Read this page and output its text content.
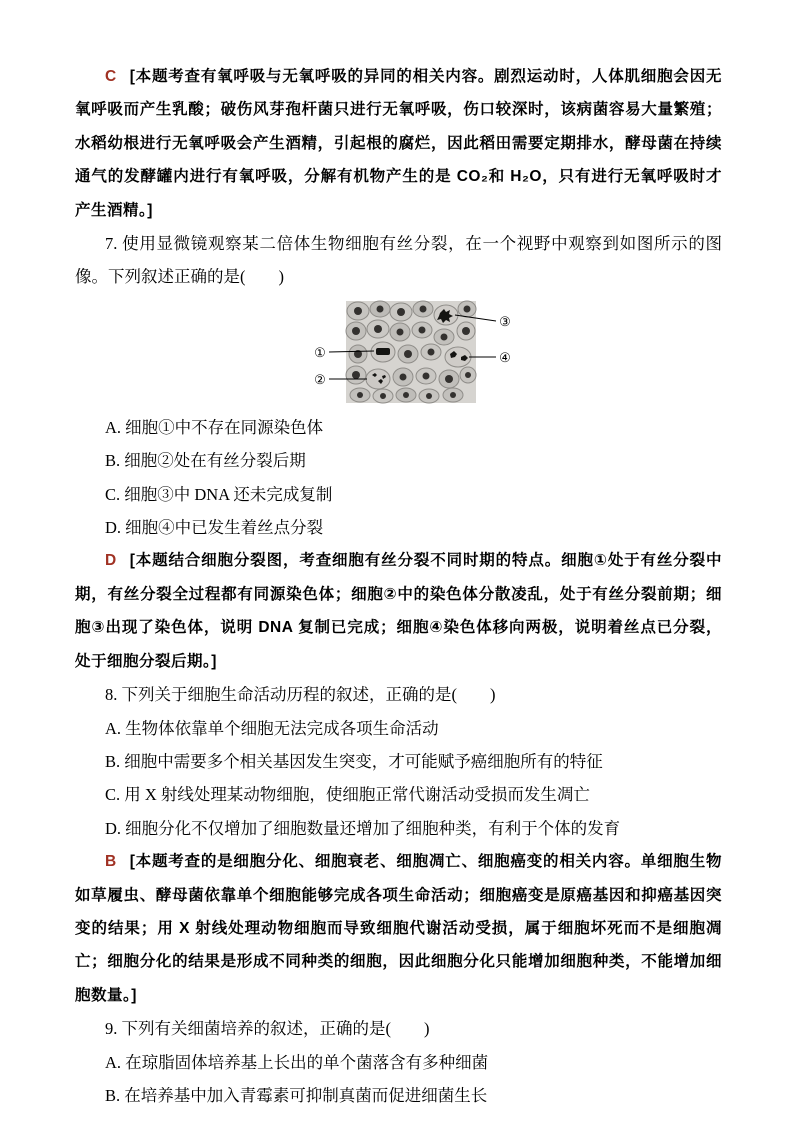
C [本题考查有氧呼吸与无氧呼吸的异同的相关内容。剧烈运动时，人体肌细胞会因无氧呼吸而产生乳酸；破伤风芽孢杆菌只进行无氧呼吸，伤口较深时，该病菌容易大量繁殖；水稻幼根进行无氧呼吸会产生酒精，引起根的腐烂，因此稻田需要定期排水，酵母菌在持续通气的发酵罐内进行有氧呼吸，分解有机物产生的是 CO₂和 H₂O，只有进行无氧呼吸时才产生酒精。]

7. 使用显微镜观察某二倍体生物细胞有丝分裂，在一个视野中观察到如图所示的图像。下列叙述正确的是(　　)

①
②
③
④

A. 细胞①中不存在同源染色体

B. 细胞②处在有丝分裂后期

C. 细胞③中 DNA 还未完成复制

D. 细胞④中已发生着丝点分裂

D [本题结合细胞分裂图，考查细胞有丝分裂不同时期的特点。细胞①处于有丝分裂中期，有丝分裂全过程都有同源染色体；细胞②中的染色体分散凌乱，处于有丝分裂前期；细胞③出现了染色体，说明 DNA 复制已完成；细胞④染色体移向两极，说明着丝点已分裂，处于细胞分裂后期。]

8. 下列关于细胞生命活动历程的叙述，正确的是(　　)

A. 生物体依靠单个细胞无法完成各项生命活动

B. 细胞中需要多个相关基因发生突变，才可能赋予癌细胞所有的特征

C. 用 X 射线处理某动物细胞，使细胞正常代谢活动受损而发生凋亡

D. 细胞分化不仅增加了细胞数量还增加了细胞种类，有利于个体的发育

B [本题考查的是细胞分化、细胞衰老、细胞凋亡、细胞癌变的相关内容。单细胞生物如草履虫、酵母菌依靠单个细胞能够完成各项生命活动；细胞癌变是原癌基因和抑癌基因突变的结果；用 X 射线处理动物细胞而导致细胞代谢活动受损，属于细胞坏死而不是细胞凋亡；细胞分化的结果是形成不同种类的细胞，因此细胞分化只能增加细胞种类，不能增加细胞数量。]

9. 下列有关细菌培养的叙述，正确的是(　　)

A. 在琼脂固体培养基上长出的单个菌落含有多种细菌

B. 在培养基中加入青霉素可抑制真菌而促进细菌生长
